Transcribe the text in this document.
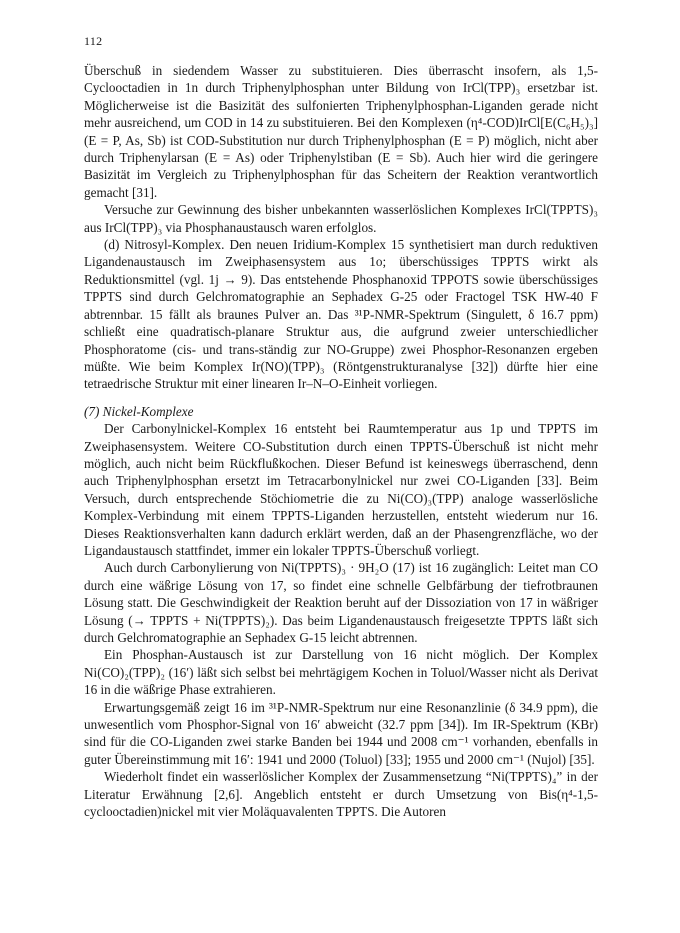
112

Überschuß in siedendem Wasser zu substituieren. Dies überrascht insofern, als 1,5-Cyclooctadien in 1n durch Triphenylphosphan unter Bildung von IrCl(TPP)₃ ersetzbar ist. Möglicherweise ist die Basizität des sulfonierten Triphenylphosphan-Liganden gerade nicht mehr ausreichend, um COD in 14 zu substituieren. Bei den Komplexen (η⁴-COD)IrCl[E(C₆H₅)₃] (E = P, As, Sb) ist COD-Substitution nur durch Triphenylphosphan (E = P) möglich, nicht aber durch Triphenylarsan (E = As) oder Triphenylstiban (E = Sb). Auch hier wird die geringere Basizität im Vergleich zu Triphenylphosphan für das Scheitern der Reaktion verantwortlich gemacht [31].

Versuche zur Gewinnung des bisher unbekannten wasserlöslichen Komplexes IrCl(TPPTS)₃ aus IrCl(TPP)₃ via Phosphanaustausch waren erfolglos.

(d) Nitrosyl-Komplex. Den neuen Iridium-Komplex 15 synthetisiert man durch reduktiven Ligandenaustausch im Zweiphasensystem aus 1o; überschüssiges TPPTS wirkt als Reduktionsmittel (vgl. 1j → 9). Das entstehende Phosphanoxid TPPOTS sowie überschüssiges TPPTS sind durch Gelchromatographie an Sephadex G-25 oder Fractogel TSK HW-40 F abtrennbar. 15 fällt als braunes Pulver an. Das ³¹P-NMR-Spektrum (Singulett, δ 16.7 ppm) schließt eine quadratisch-planare Struktur aus, die aufgrund zweier unterschiedlicher Phosphoratome (cis- und trans-ständig zur NO-Gruppe) zwei Phosphor-Resonanzen ergeben müßte. Wie beim Komplex Ir(NO)(TPP)₃ (Röntgenstrukturanalyse [32]) dürfte hier eine tetraedrische Struktur mit einer linearen Ir–N–O-Einheit vorliegen.

(7) Nickel-Komplexe

Der Carbonylnickel-Komplex 16 entsteht bei Raumtemperatur aus 1p und TPPTS im Zweiphasensystem. Weitere CO-Substitution durch einen TPPTS-Überschuß ist nicht mehr möglich, auch nicht beim Rückflußkochen. Dieser Befund ist keineswegs überraschend, denn auch Triphenylphosphan ersetzt im Tetracarbonylnickel nur zwei CO-Liganden [33]. Beim Versuch, durch entsprechende Stöchiometrie die zu Ni(CO)₃(TPP) analoge wasserlösliche Komplex-Verbindung mit einem TPPTS-Liganden herzustellen, entsteht wiederum nur 16. Dieses Reaktionsverhalten kann dadurch erklärt werden, daß an der Phasengrenzfläche, wo der Ligandaustausch stattfindet, immer ein lokaler TPPTS-Überschuß vorliegt.

Auch durch Carbonylierung von Ni(TPPTS)₃ · 9H₂O (17) ist 16 zugänglich: Leitet man CO durch eine wäßrige Lösung von 17, so findet eine schnelle Gelbfärbung der tiefrotbraunen Lösung statt. Die Geschwindigkeit der Reaktion beruht auf der Dissoziation von 17 in wäßriger Lösung (→ TPPTS + Ni(TPPTS)₂). Das beim Ligandenaustausch freigesetzte TPPTS läßt sich durch Gelchromatographie an Sephadex G-15 leicht abtrennen.

Ein Phosphan-Austausch ist zur Darstellung von 16 nicht möglich. Der Komplex Ni(CO)₂(TPP)₂ (16′) läßt sich selbst bei mehrtägigem Kochen in Toluol/Wasser nicht als Derivat 16 in die wäßrige Phase extrahieren.

Erwartungsgemäß zeigt 16 im ³¹P-NMR-Spektrum nur eine Resonanzlinie (δ 34.9 ppm), die unwesentlich vom Phosphor-Signal von 16′ abweicht (32.7 ppm [34]). Im IR-Spektrum (KBr) sind für die CO-Liganden zwei starke Banden bei 1944 und 2008 cm⁻¹ vorhanden, ebenfalls in guter Übereinstimmung mit 16′: 1941 und 2000 (Toluol) [33]; 1955 und 2000 cm⁻¹ (Nujol) [35].

Wiederholt findet ein wasserlöslicher Komplex der Zusammensetzung “Ni(TPPTS)₄” in der Literatur Erwähnung [2,6]. Angeblich entsteht er durch Umsetzung von Bis(η⁴-1,5-cyclooctadien)nickel mit vier Moläquavalenten TPPTS. Die Autoren
